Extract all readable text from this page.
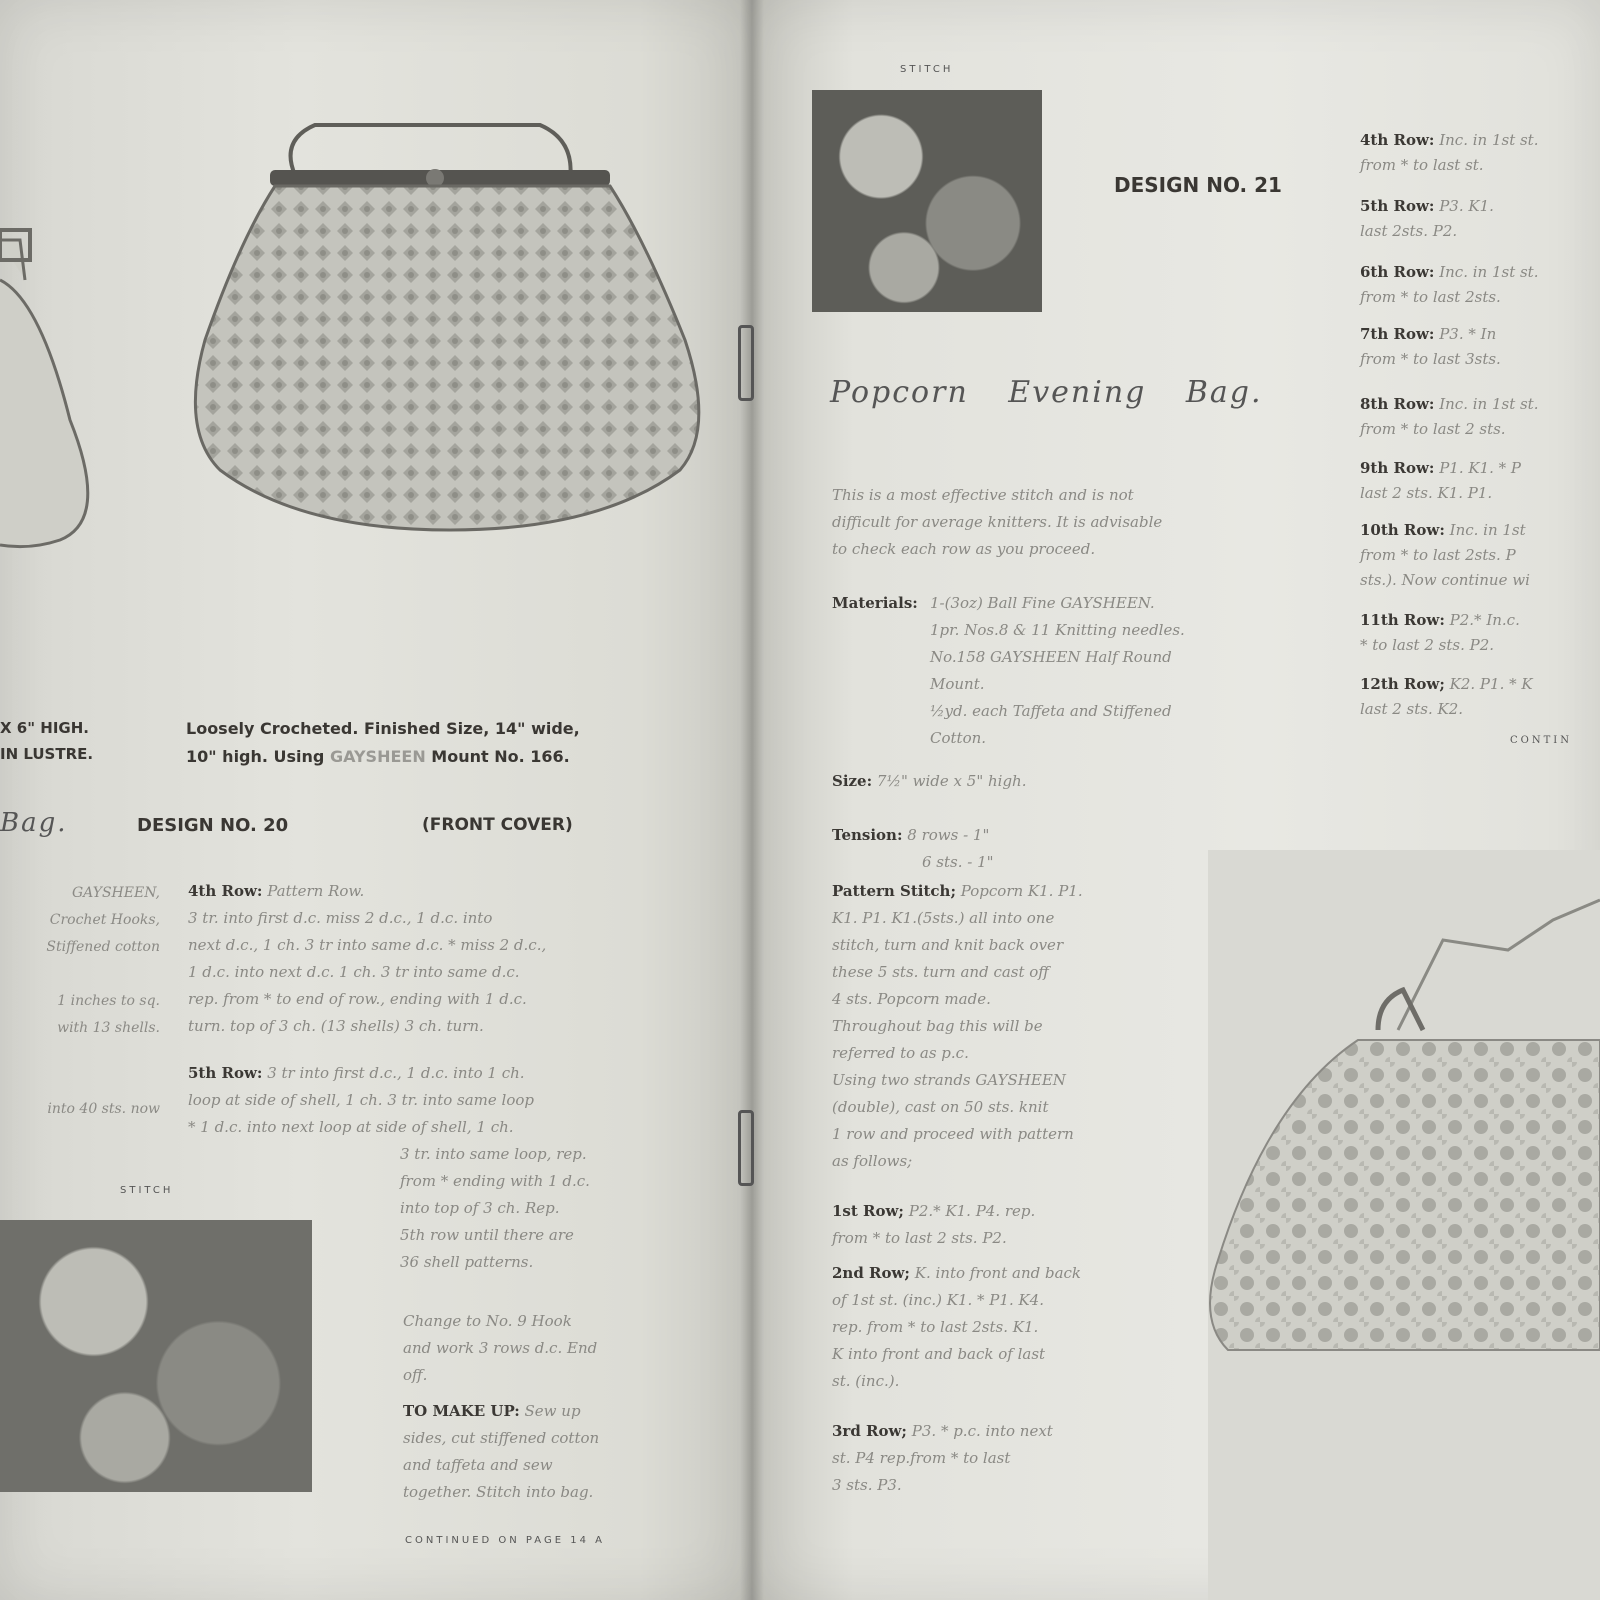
X 6" HIGH.
IN LUSTRE.
Loosely Crocheted. Finished Size, 14" wide,
10" high. Using GAYSHEEN Mount No. 166.
Bag.	DESIGN NO. 20	(FRONT COVER)
GAYSHEEN,
Crochet Hooks,
Stiffened cotton

1 inches to sq.
with 13 shells.

into 40 sts. now
4th Row: Pattern Row.
3 tr. into first d.c. miss 2 d.c., 1 d.c. into
next d.c., 1 ch. 3 tr into same d.c. * miss 2 d.c.,
1 d.c. into next d.c. 1 ch. 3 tr into same d.c.
rep. from * to end of row., ending with 1 d.c.
turn. top of 3 ch. (13 shells) 3 ch. turn.
5th Row: 3 tr into first d.c., 1 d.c. into 1 ch.
loop at side of shell, 1 ch. 3 tr. into same loop
* 1 d.c. into next loop at side of shell, 1 ch.
3 tr. into same loop, rep.
from * ending with 1 d.c.
into top of 3 ch. Rep.
5th row until there are
36 shell patterns.
STITCH
Change to No. 9 Hook
and work 3 rows d.c. End
off.
TO MAKE UP: Sew up
sides, cut stiffened cotton
and taffeta and sew
together. Stitch into bag.
CONTINUED ON PAGE 14 A
STITCH
DESIGN NO. 21
Popcorn Evening Bag.
This is a most effective stitch and is not
difficult for average knitters. It is advisable
to check each row as you proceed.
Materials: 1-(3oz) Ball Fine GAYSHEEN.
1pr. Nos.8 & 11 Knitting needles.
No.158 GAYSHEEN Half Round
Mount.
½yd. each Taffeta and Stiffened
Cotton.
Size: 7½" wide x 5" high.
Tension: 8 rows - 1"
6 sts. - 1"
Pattern Stitch; Popcorn K1. P1.
K1. P1. K1.(5sts.) all into one
stitch, turn and knit back over
these 5 sts. turn and cast off
4 sts. Popcorn made.
Throughout bag this will be
referred to as p.c.
Using two strands GAYSHEEN
(double), cast on 50 sts. knit
1 row and proceed with pattern
as follows;
1st Row; P2.* K1. P4. rep.
from * to last 2 sts. P2.
2nd Row; K. into front and back
of 1st st. (inc.) K1. * P1. K4.
rep. from * to last 2sts. K1.
K into front and back of last
st. (inc.).
3rd Row; P3. * p.c. into next
st. P4 rep.from * to last
3 sts. P3.
4th Row: Inc. in 1st st.
from * to last st.
5th Row: P3. K1.
last 2sts. P2.
6th Row: Inc. in 1st st.
from * to last 2sts.
7th Row: P3. * In
from * to last 3sts.
8th Row: Inc. in 1st st.
from * to last 2 sts.
9th Row: P1. K1. * P
last 2 sts. K1. P1.
10th Row: Inc. in 1st
from * to last 2sts. P
sts.). Now continue wi
11th Row: P2.* In.c.
* to last 2 sts. P2.
12th Row; K2. P1. * K
last 2 sts. K2.
CONTIN
